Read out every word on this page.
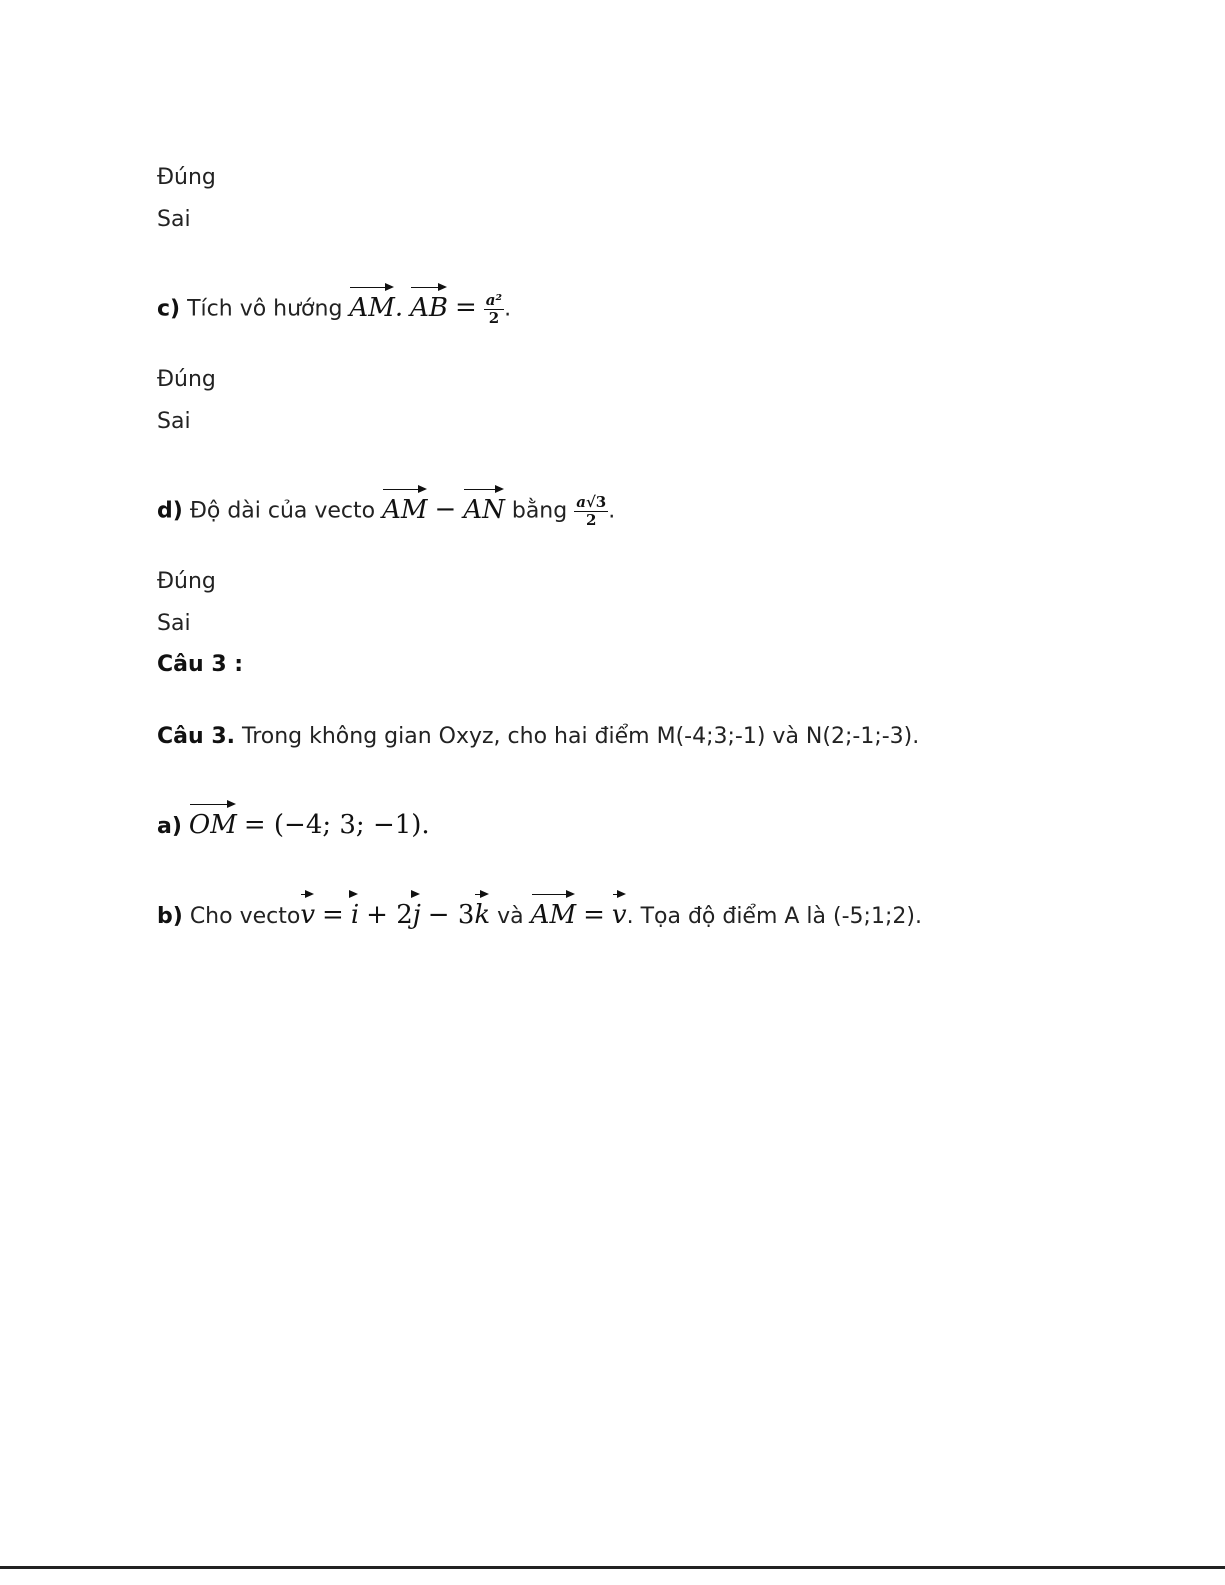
Đúng
Sai
c) Tích vô hướng AM. AB = $\frac{\text{a²}}{2}$ .
Đúng
Sai
d) Độ dài của vecto AM − AN bằng $\frac{a√3}{2}$ .
Đúng
Sai
Câu 3 :
Câu 3. Trong không gian Oxyz, cho hai điểm M(-4;3;-1) và N(2;-1;-3).
a) OM = (−4; 3; −1).
b) Cho vectov = i + 2j − 3k và AM = v. Tọa độ điểm A là (-5;1;2).
